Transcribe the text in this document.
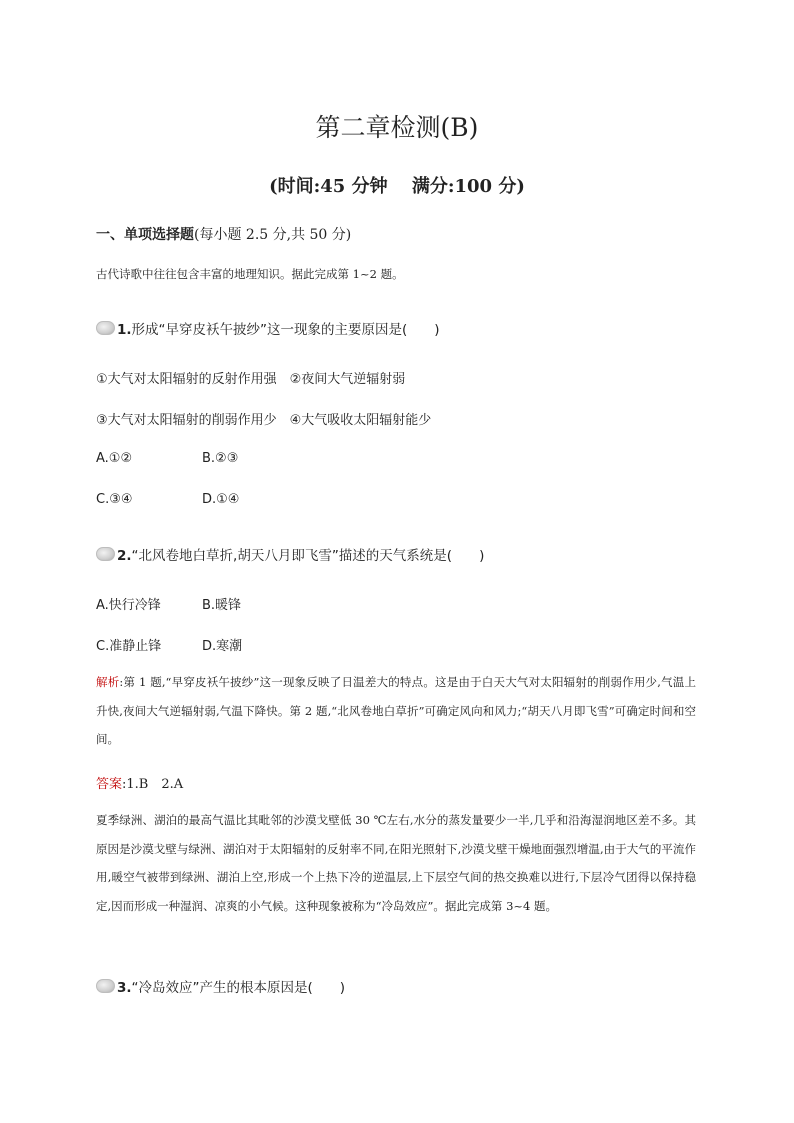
第二章检测(B)
(时间:45 分钟　 满分:100 分)
一、单项选择题(每小题 2.5 分,共 50 分)
古代诗歌中往往包含丰富的地理知识。据此完成第 1~2 题。
1.形成“早穿皮袄午披纱”这一现象的主要原因是(　　)
①大气对太阳辐射的反射作用强　②夜间大气逆辐射弱
③大气对太阳辐射的削弱作用少　④大气吸收太阳辐射能少
A.①②	B.②③
C.③④	D.①④
2.“北风卷地白草折,胡天八月即飞雪”描述的天气系统是(　　)
A.快行冷锋	B.暖锋
C.准静止锋	D.寒潮
解析:第 1 题,“早穿皮袄午披纱”这一现象反映了日温差大的特点。这是由于白天大气对太阳辐射的削弱作用少,气温上升快,夜间大气逆辐射弱,气温下降快。第 2 题,“北风卷地白草折”可确定风向和风力;“胡天八月即飞雪”可确定时间和空间。
答案:1.B　2.A
夏季绿洲、湖泊的最高气温比其毗邻的沙漠戈壁低 30 ℃左右,水分的蒸发量要少一半,几乎和沿海湿润地区差不多。其原因是沙漠戈壁与绿洲、湖泊对于太阳辐射的反射率不同,在阳光照射下,沙漠戈壁干燥地面强烈增温,由于大气的平流作用,暖空气被带到绿洲、湖泊上空,形成一个上热下冷的逆温层,上下层空气间的热交换难以进行,下层冷气团得以保持稳定,因而形成一种湿润、凉爽的小气候。这种现象被称为“冷岛效应”。据此完成第 3~4 题。
3.“冷岛效应”产生的根本原因是(　　)
